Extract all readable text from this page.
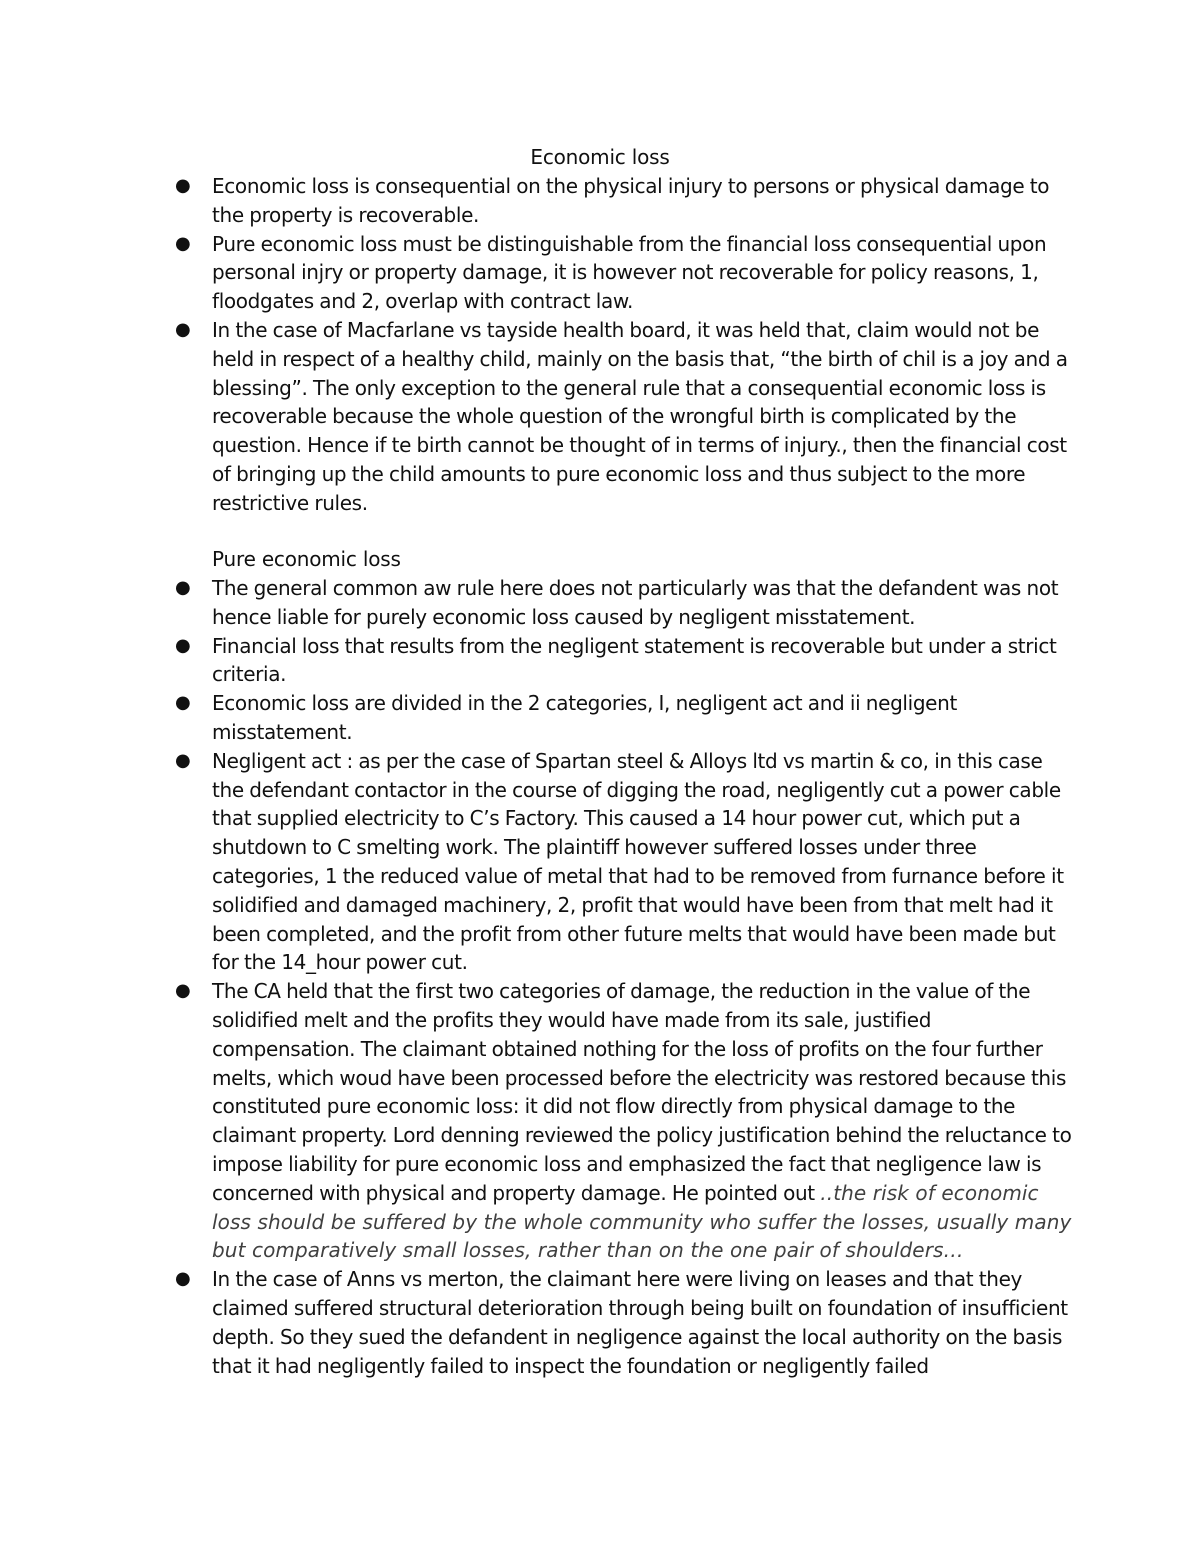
Economic loss
● Economic loss is consequential on the physical injury to persons or physical damage to the property is recoverable.
● Pure economic loss must be distinguishable from the financial loss consequential upon personal injry or property damage, it is however not recoverable for policy reasons, 1, floodgates and 2, overlap with contract law.
● In the case of Macfarlane vs tayside health board, it was held that, claim would not be held in respect of a healthy child, mainly on the basis that, “the birth of chil is a joy and a blessing”. The only exception to the general rule that a consequential economic loss is recoverable because the whole question of the wrongful birth is complicated by the question. Hence if te birth cannot be thought of in terms of injury., then the financial cost of bringing up the child amounts to pure economic loss and thus subject to the more restrictive rules.
Pure economic loss
● The general common aw rule here does not particularly was that the defandent was not hence liable for purely economic loss caused by negligent misstatement.
● Financial loss that results from the negligent statement is recoverable but under a strict criteria.
● Economic loss are divided in the 2 categories, I, negligent act and ii negligent misstatement.
● Negligent act : as per the case of Spartan steel & Alloys ltd vs martin & co, in this case the defendant contactor in the course of digging the road, negligently cut a power cable that supplied electricity to C’s Factory. This caused a 14 hour power cut, which put a shutdown to C smelting work. The plaintiff however suffered losses under three categories, 1 the reduced value of metal that had to be removed from furnance before it solidified and damaged machinery, 2, profit that would have been from that melt had it been completed, and the profit from other future melts that would have been made but for the 14_hour power cut.
● The CA held that the first two categories of damage, the reduction in the value of the solidified melt and the profits they would have made from its sale, justified compensation. The claimant obtained nothing for the loss of profits on the four further melts, which woud have been processed before the electricity was restored because this constituted pure economic loss: it did not flow directly from physical damage to the claimant property. Lord denning reviewed the policy justification behind the reluctance to impose liability for pure economic loss and emphasized the fact that negligence law is concerned with physical and property damage. He pointed out ..the risk of economic loss should be suffered by the whole community who suffer the losses, usually many but comparatively small losses, rather than on the one pair of shoulders…
● In the case of Anns vs merton, the claimant here were living on leases and that they claimed suffered structural deterioration through being built on foundation of insufficient depth. So they sued the defandent in negligence against the local authority on the basis that it had negligently failed to inspect the foundation or negligently failed
